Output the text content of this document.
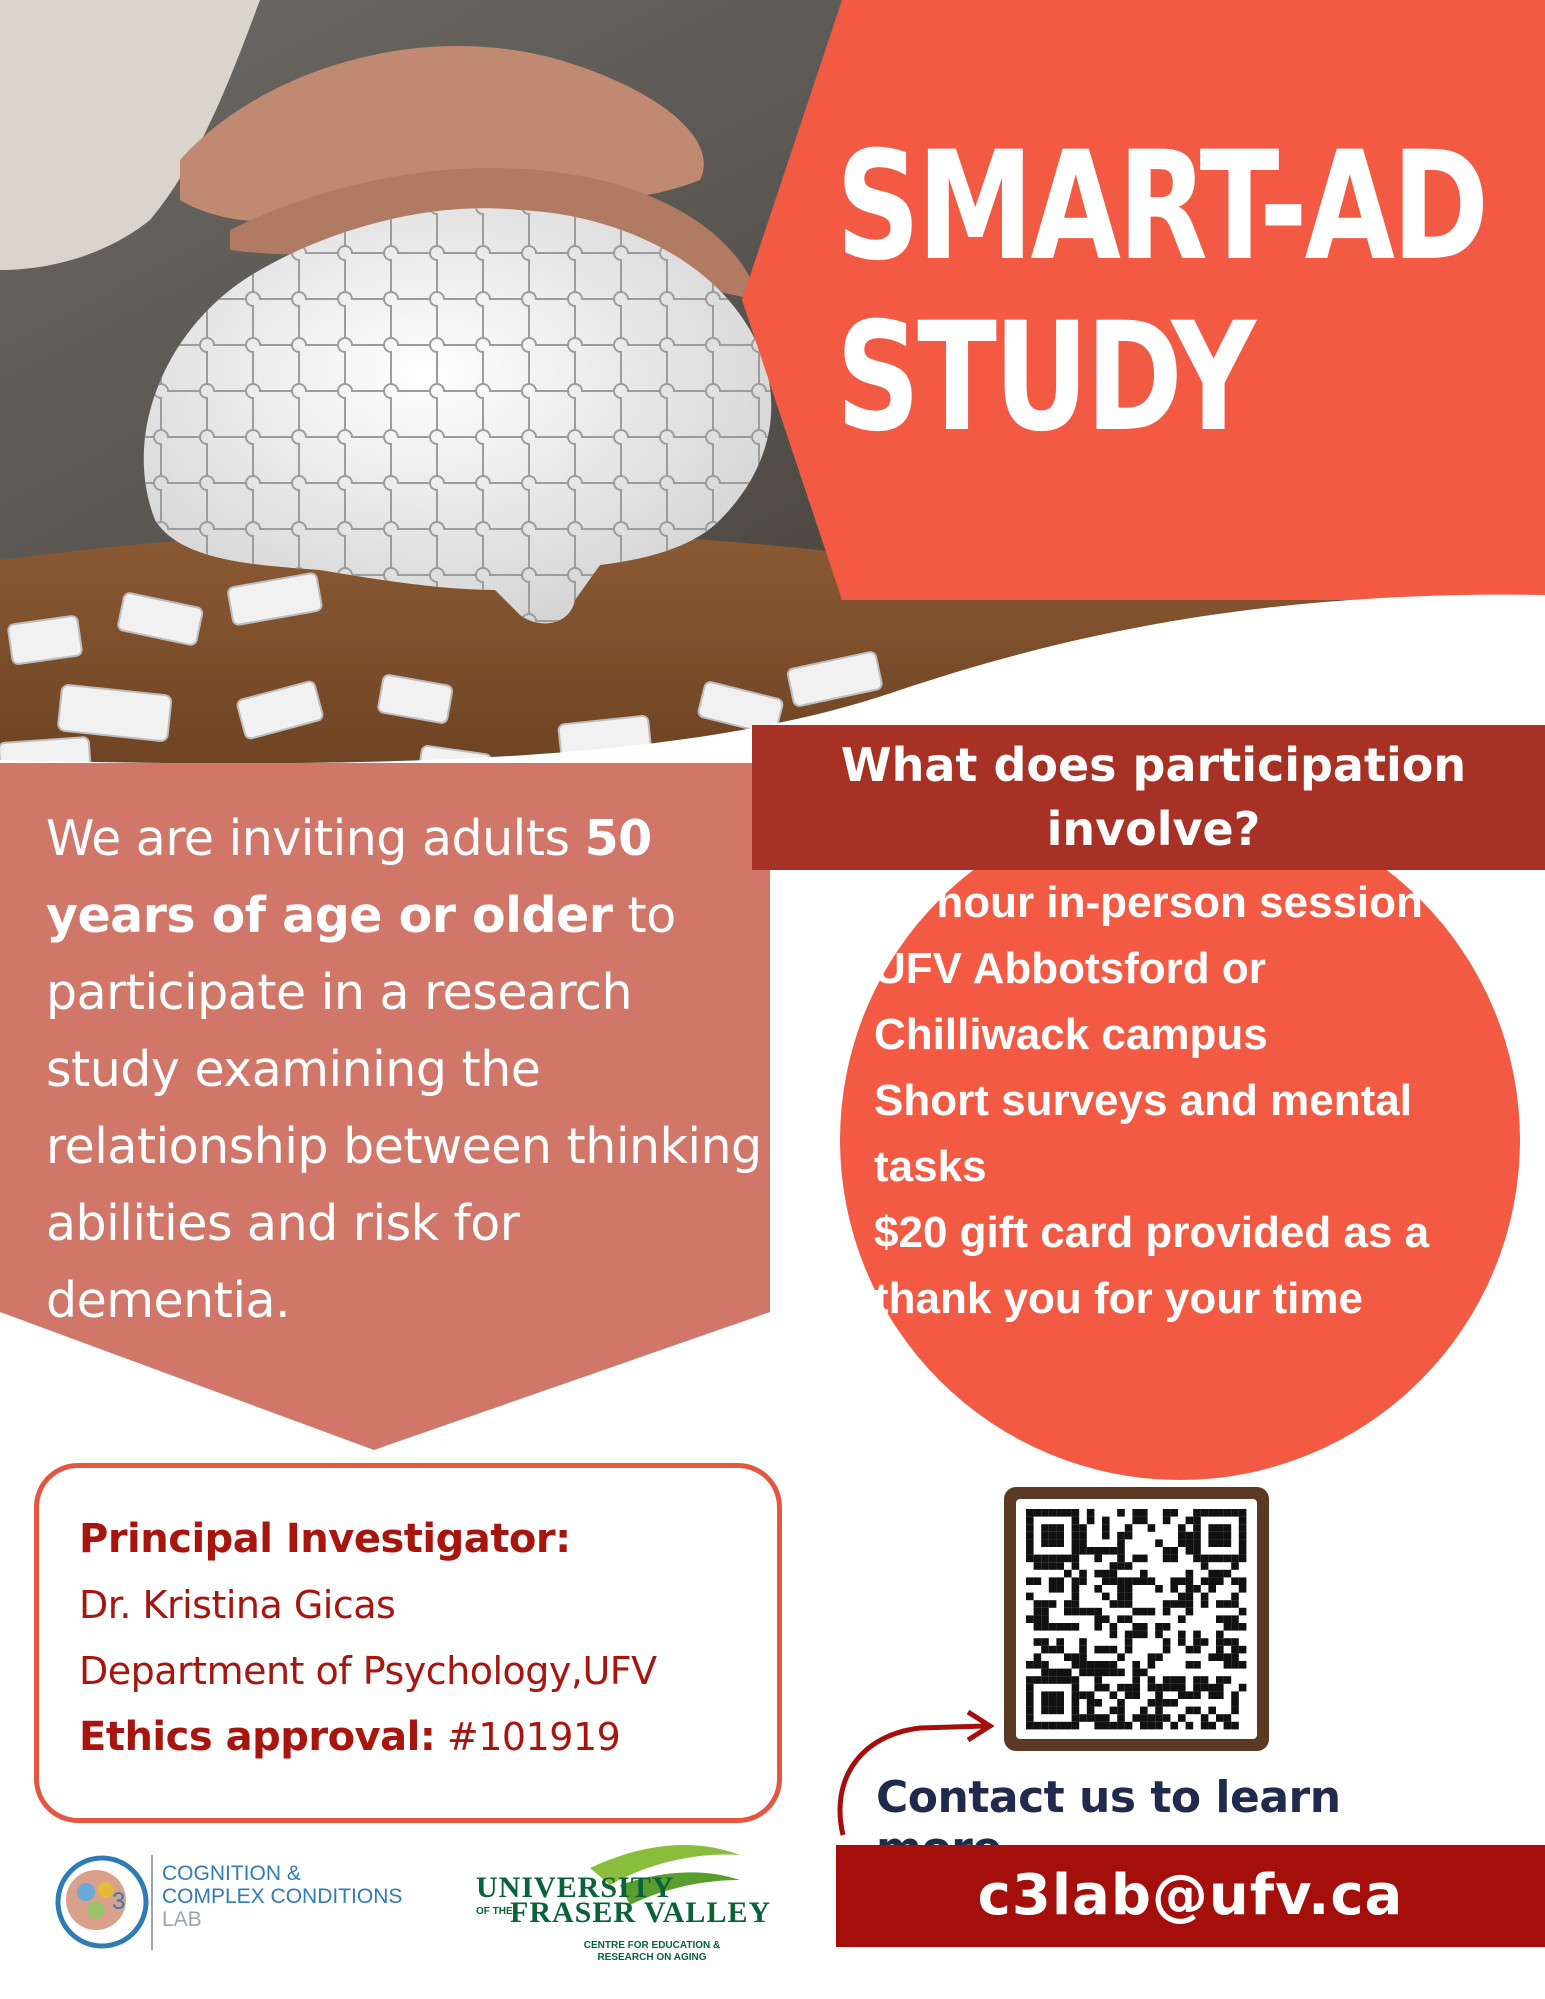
SMART-AD
STUDY
We are inviting adults 50 years of age or older to participate in a research study examining the relationship between thinking abilities and risk for dementia.
What does participation involve?
~1 hour in-person session at UFV Abbotsford or Chilliwack campus
Short surveys and mental tasks
$20 gift card provided as a thank you for your time
Principal Investigator:
Dr. Kristina Gicas
Department of Psychology,UFV
Ethics approval: #101919
Contact us to learn
c3lab@ufv.ca
3
COGNITION &
COMPLEX CONDITIONS
LAB
UNIVERSITY
OF THE
FRASER VALLEY
CENTRE FOR EDUCATION &
RESEARCH ON AGING
